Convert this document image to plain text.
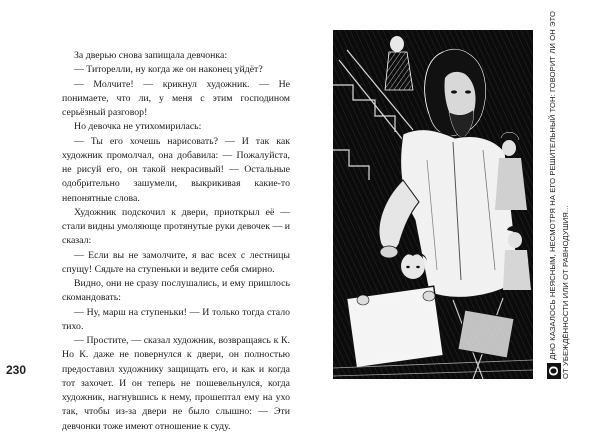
За дверью снова запищала девчонка:

— Титорелли, ну когда же он наконец уйдёт?

— Молчите! — крикнул художник. — Не понимаете, что ли, у меня с этим господином серьёзный разговор!

Но девочка не утихомирилась:

— Ты его хочешь нарисовать? — И так как художник промолчал, она добавила: — Пожалуйста, не рисуй его, он такой некрасивый! — Остальные одобрительно зашумели, выкрикивая какие-то непонятные слова.

Художник подскочил к двери, приоткрыл её — стали видны умоляюще протянутые руки девочек — и сказал:

— Если вы не замолчите, я вас всех с лестницы спущу! Сядьте на ступеньки и ведите себя смирно.

Видно, они не сразу послушались, и ему пришлось скомандовать:

— Ну, марш на ступеньки! — И только тогда стало тихо.

— Простите, — сказал художник, возвращаясь к К. Но К. даже не повернулся к двери, он полностью предоставил художнику защищать его, и как и когда тот захочет. И он теперь не пошевельнулся, когда художник, нагнувшись к нему, прошептал ему на ухо так, чтобы из-за двери не было слышно: — Эти девчонки тоже имеют отношение к суду.

230	ОДНО КАЗАЛОСЬ НЕЯСНЫМ, НЕСМОТРЯ НА ЕГО РЕШИТЕЛЬНЫЙ ТОН: ГОВОРИТ ЛИ ОН ЭТО ОТ УБЕЖДЁННОСТИ ИЛИ ОТ РАВНОДУШИЯ...
